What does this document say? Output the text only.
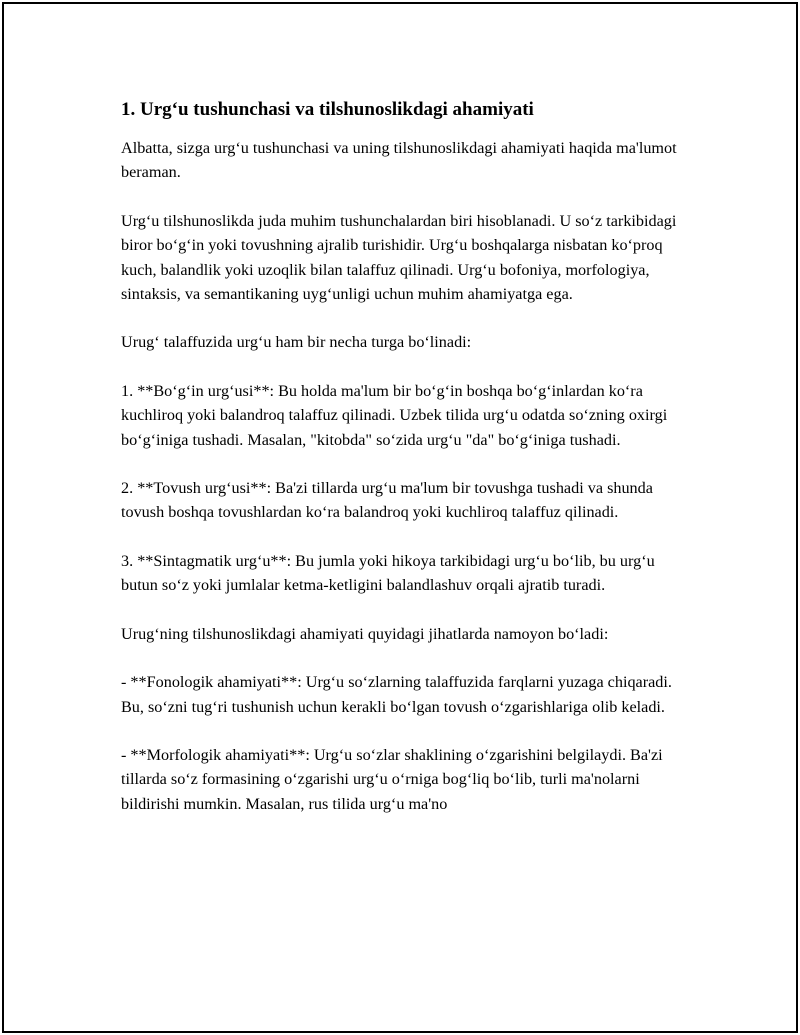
1. Urg‘u tushunchasi va tilshunoslikdagi ahamiyati

Albatta, sizga urg‘u tushunchasi va uning tilshunoslikdagi ahamiyati haqida ma'lumot beraman.

Urg‘u tilshunoslikda juda muhim tushunchalardan biri hisoblanadi. U so‘z tarkibidagi biror bo‘g‘in yoki tovushning ajralib turishidir. Urg‘u boshqalarga nisbatan ko‘proq kuch, balandlik yoki uzoqlik bilan talaffuz qilinadi. Urg‘u bofoniya, morfologiya, sintaksis, va semantikaning uyg‘unligi uchun muhim ahamiyatga ega.

Urug‘ talaffuzida urg‘u ham bir necha turga bo‘linadi:

1. **Bo‘g‘in urg‘usi**: Bu holda ma'lum bir bo‘g‘in boshqa bo‘g‘inlardan ko‘ra kuchliroq yoki balandroq talaffuz qilinadi. Uzbek tilida urg‘u odatda so‘zning oxirgi bo‘g‘iniga tushadi. Masalan, "kitobda" so‘zida urg‘u "da" bo‘g‘iniga tushadi.

2. **Tovush urg‘usi**: Ba'zi tillarda urg‘u ma'lum bir tovushga tushadi va shunda tovush boshqa tovushlardan ko‘ra balandroq yoki kuchliroq talaffuz qilinadi.

3. **Sintagmatik urg‘u**: Bu jumla yoki hikoya tarkibidagi urg‘u bo‘lib, bu urg‘u butun so‘z yoki jumlalar ketma-ketligini balandlashuv orqali ajratib turadi.

Urug‘ning tilshunoslikdagi ahamiyati quyidagi jihatlarda namoyon bo‘ladi:

- **Fonologik ahamiyati**: Urg‘u so‘zlarning talaffuzida farqlarni yuzaga chiqaradi. Bu, so‘zni tug‘ri tushunish uchun kerakli bo‘lgan tovush o‘zgarishlariga olib keladi.

- **Morfologik ahamiyati**: Urg‘u so‘zlar shaklining o‘zgarishini belgilaydi. Ba'zi tillarda so‘z formasining o‘zgarishi urg‘u o‘rniga bog‘liq bo‘lib, turli ma'nolarni bildirishi mumkin. Masalan, rus tilida urg‘u ma'no
